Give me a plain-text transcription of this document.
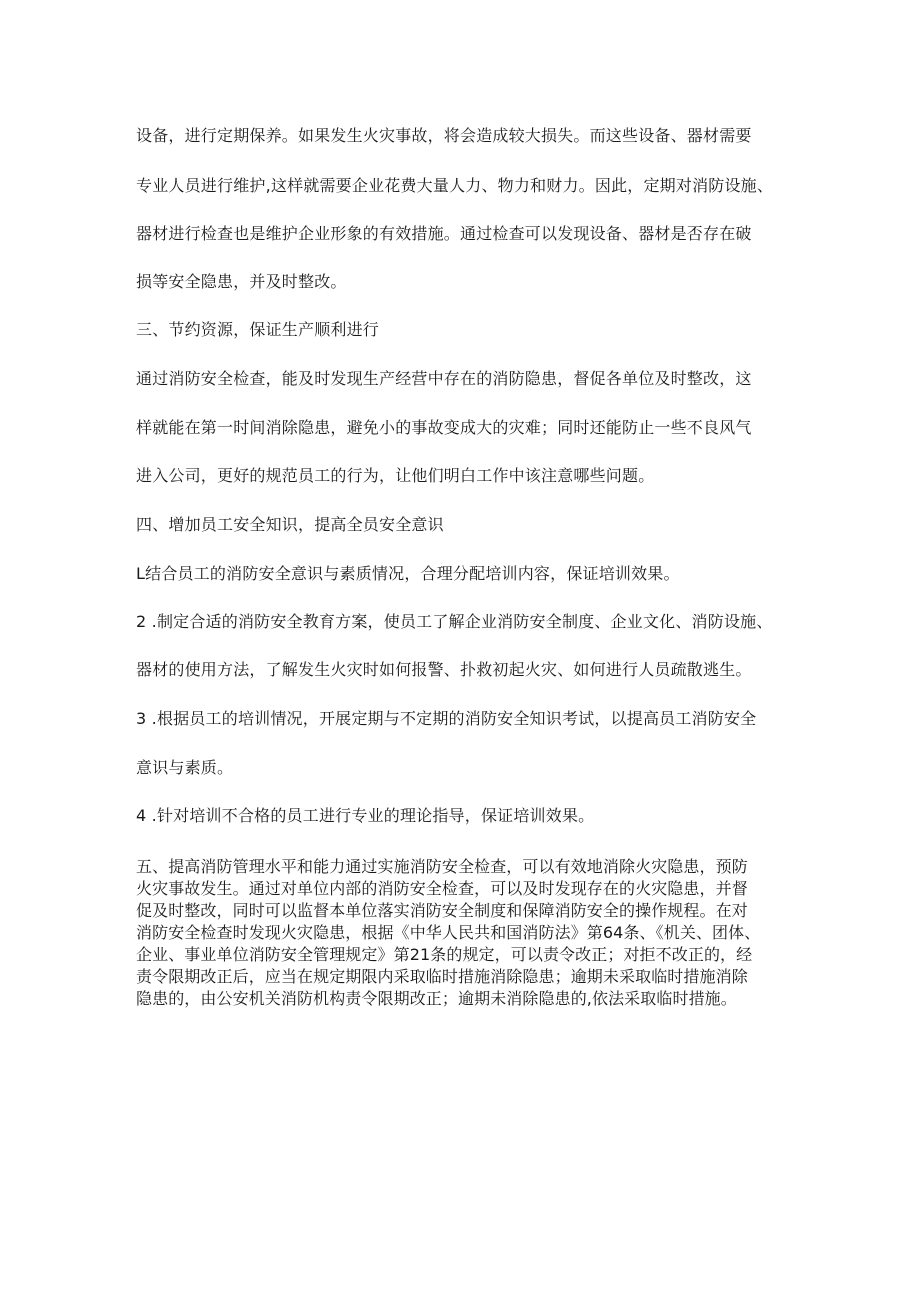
设备，进行定期保养。如果发生火灾事故，将会造成较大损失。而这些设备、器材需要
专业人员进行维护,这样就需要企业花费大量人力、物力和财力。因此，定期对消防设施、
器材进行检查也是维护企业形象的有效措施。通过检查可以发现设备、器材是否存在破
损等安全隐患，并及时整改。
三、节约资源，保证生产顺利进行
通过消防安全检查，能及时发现生产经营中存在的消防隐患，督促各单位及时整改，这
样就能在第一时间消除隐患，避免小的事故变成大的灾难；同时还能防止一些不良风气
进入公司，更好的规范员工的行为，让他们明白工作中该注意哪些问题。
四、增加员工安全知识，提高全员安全意识
L结合员工的消防安全意识与素质情况，合理分配培训内容，保证培训效果。
2 .制定合适的消防安全教育方案，使员工了解企业消防安全制度、企业文化、消防设施、
器材的使用方法，了解发生火灾时如何报警、扑救初起火灾、如何进行人员疏散逃生。
3 .根据员工的培训情况，开展定期与不定期的消防安全知识考试，以提高员工消防安全
意识与素质。
4 .针对培训不合格的员工进行专业的理论指导，保证培训效果。

五、提高消防管理水平和能力通过实施消防安全检查，可以有效地消除火灾隐患，预防

火灾事故发生。通过对单位内部的消防安全检查，可以及时发现存在的火灾隐患，并督

促及时整改，同时可以监督本单位落实消防安全制度和保障消防安全的操作规程。在对

消防安全检查时发现火灾隐患，根据《中华人民共和国消防法》第64条、《机关、团体、

企业、事业单位消防安全管理规定》第21条的规定，可以责令改正；对拒不改正的，经

责令限期改正后，应当在规定期限内采取临时措施消除隐患；逾期未采取临时措施消除

隐患的，由公安机关消防机构责令限期改正；逾期未消除隐患的,依法采取临时措施。
